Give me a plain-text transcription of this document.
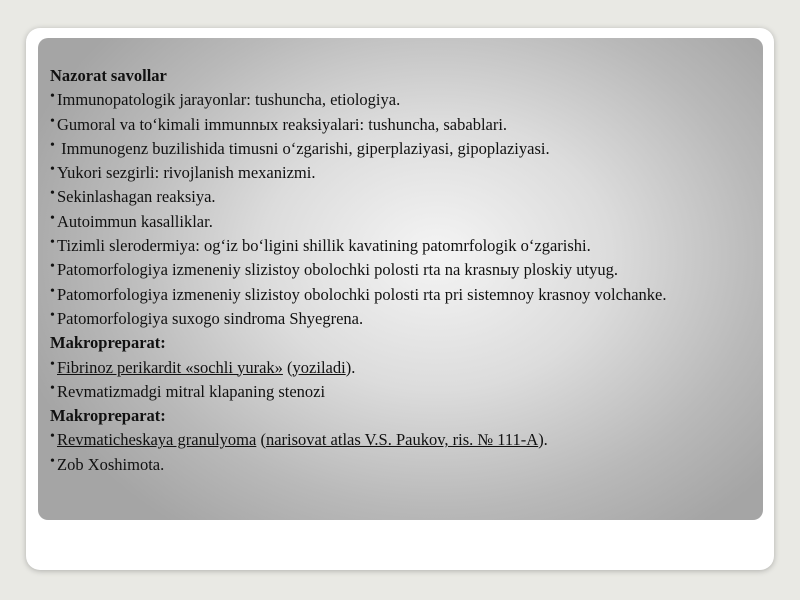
Nazorat savollar
• Immunopatologik jarayonlar: tushuncha, etiologiya.
• Gumoral va toʻkimali immunnых reaksiyalari: tushuncha, sabablari.
• Immunogenz buzilishida timusni oʻzgarishi, giperplaziyasi, gipoplaziyasi.
• Yukori sezgirli: rivojlanish mexanizmi.
• Sekinlashagan reaksiya.
• Autoimmun kasalliklar.
• Tizimli slerodermiya: ogʻiz boʻligini shillik kavatining patomrfologik oʻzgarishi.
• Patomorfologiya izmeneniy slizistoy obolochki polosti rta na krasnыy ploskiy utyug.
• Patomorfologiya izmeneniy slizistoy obolochki polosti rta pri sistemnoy krasnoy volchanke.
• Patomorfologiya suxogo sindroma Shyegrena.
Makropreparat:
• Fibrinoz perikardit «sochli yurak» (yoziladi).
• Revmatizmadgi mitral klapaning stenozi
Makropreparat:
• Revmaticheskaya granulyoma (narisovat atlas V.S. Paukov, ris. № 111-A).
• Zob Xoshimota.
